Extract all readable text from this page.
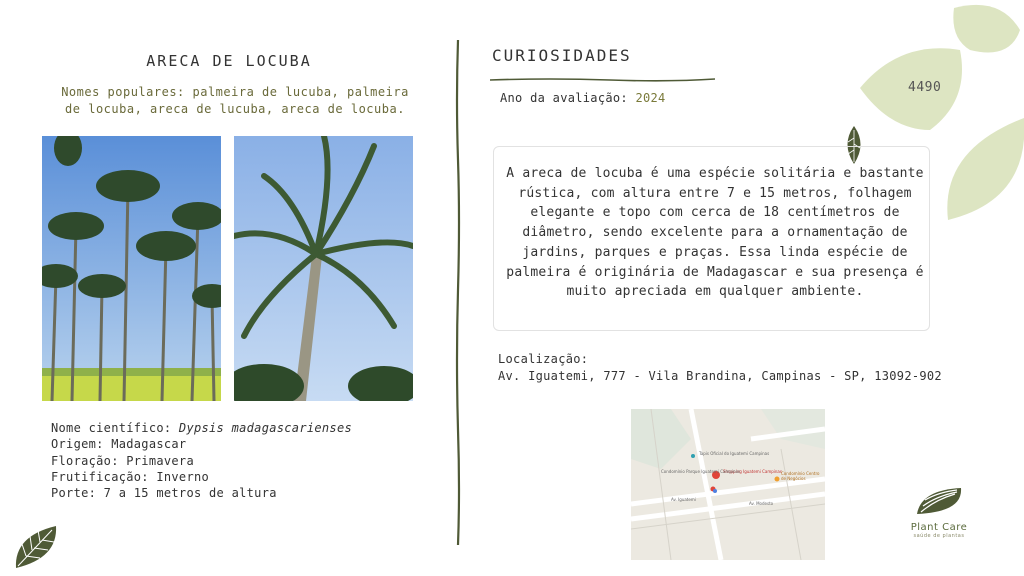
ARECA DE LOCUBA
Nomes populares: palmeira de lucuba, palmeira de locuba, areca de lucuba, areca de locuba.
Nome científico: Dypsis madagascarienses
Origem: Madagascar
Floração: Primavera
Frutificação: Inverno
Porte: 7 a 15 metros de altura
CURIOSIDADES
Ano da avaliação: 2024
A areca de locuba é uma espécie solitária e bastante rústica, com altura entre 7 e 15 metros, folhagem elegante e topo com cerca de 18 centímetros de diâmetro, sendo excelente para a ornamentação de jardins, parques e praças. Essa linda espécie de palmeira é originária de Madagascar e sua presença é muito apreciada em qualquer ambiente.
Localização:
Av. Iguatemi, 777 - Vila Brandina, Campinas - SP, 13092-902
Tapis Oficial do Iguatemi Campinas
Shopping Iguatemi Campinas
Condomínio Parque Iguatemi Campinas
Av. Iguatemi
Av. Modesto
Condomínio Centro de Negócios
4490
Plant Care
saúde de plantas
